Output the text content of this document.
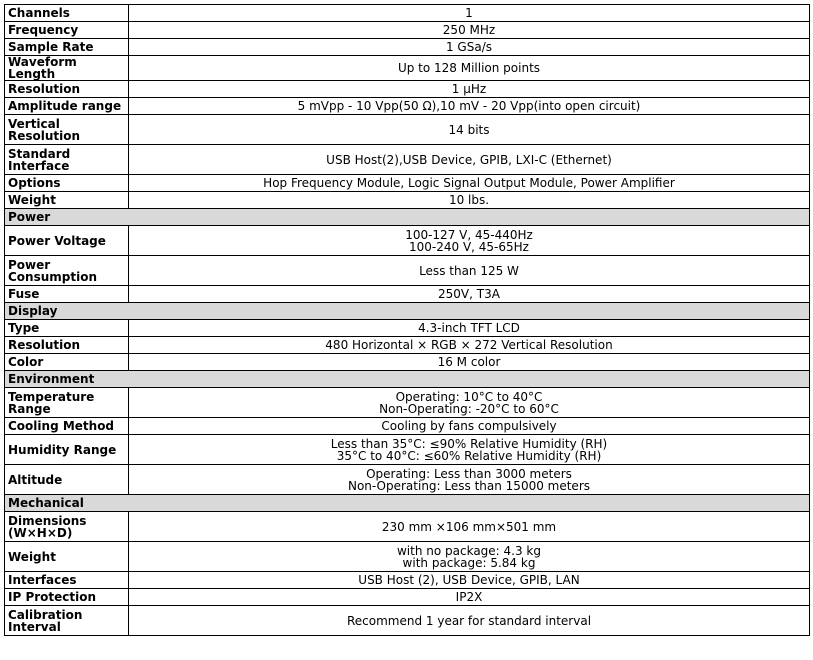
Channels	1

Frequency	250 MHz

Sample Rate	1 GSa/s

Waveform Length	Up to 128 Million points

Resolution	1 μHz

Amplitude range	5 mVpp - 10 Vpp(50 Ω),10 mV - 20 Vpp(into open circuit)

Vertical Resolution	14 bits

Standard Interface	USB Host(2),USB Device, GPIB, LXI-C (Ethernet)

Options	Hop Frequency Module, Logic Signal Output Module, Power Amplifier

Weight	10 lbs.

Power	
Power Voltage	100-127 V, 45-440Hz
100-240 V, 45-65Hz

Power Consumption	Less than 125 W

Fuse	250V, T3A

Display	
Type	4.3-inch TFT LCD

Resolution	480 Horizontal × RGB × 272 Vertical Resolution

Color	16 M color

Environment	
Temperature Range	Operating: 10°C to 40°C
Non-Operating: -20°C to 60°C

Cooling Method	Cooling by fans compulsively

Humidity Range	Less than 35°C: ≤90% Relative Humidity (RH)
35°C to 40°C: ≤60% Relative Humidity (RH)

Altitude	Operating: Less than 3000 meters
Non-Operating: Less than 15000 meters

Mechanical	
Dimensions (W×H×D)	230 mm ×106 mm×501 mm

Weight	with no package: 4.3 kg
with package: 5.84 kg

Interfaces	USB Host (2), USB Device, GPIB, LAN

IP Protection	IP2X

Calibration Interval	Recommend 1 year for standard interval
